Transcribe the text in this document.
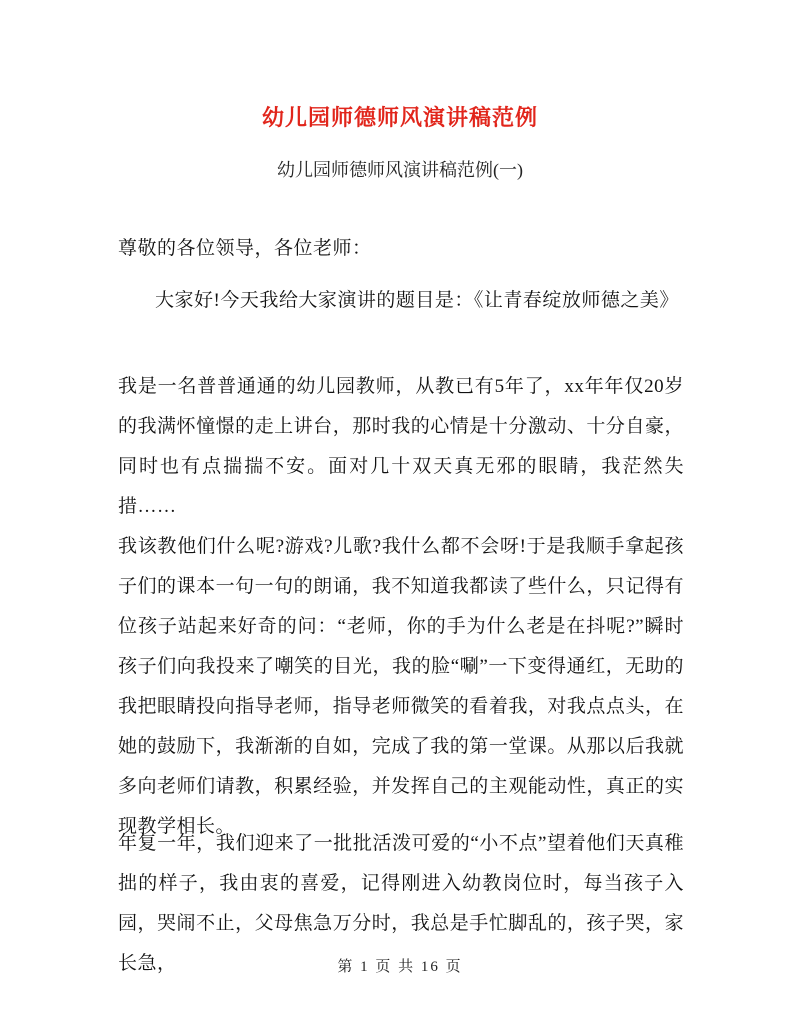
幼儿园师德师风演讲稿范例
幼儿园师德师风演讲稿范例(一)

尊敬的各位领导，各位老师：

大家好!今天我给大家演讲的题目是：《让青春绽放师德之美》

我是一名普普通通的幼儿园教师，从教已有5年了，xx年年仅20岁的我满怀憧憬的走上讲台，那时我的心情是十分激动、十分自豪，同时也有点揣揣不安。面对几十双天真无邪的眼睛，我茫然失措……

我该教他们什么呢?游戏?儿歌?我什么都不会呀!于是我顺手拿起孩子们的课本一句一句的朗诵，我不知道我都读了些什么，只记得有位孩子站起来好奇的问：“老师，你的手为什么老是在抖呢?”瞬时孩子们向我投来了嘲笑的目光，我的脸“唰”一下变得通红，无助的我把眼睛投向指导老师，指导老师微笑的看着我，对我点点头，在她的鼓励下，我渐渐的自如，完成了我的第一堂课。从那以后我就多向老师们请教，积累经验，并发挥自己的主观能动性，真正的实现教学相长。

年复一年，我们迎来了一批批活泼可爱的“小不点”望着他们天真稚拙的样子，我由衷的喜爱，记得刚进入幼教岗位时，每当孩子入园，哭闹不止，父母焦急万分时，我总是手忙脚乱的，孩子哭，家长急，	第 1 页 共 16 页
